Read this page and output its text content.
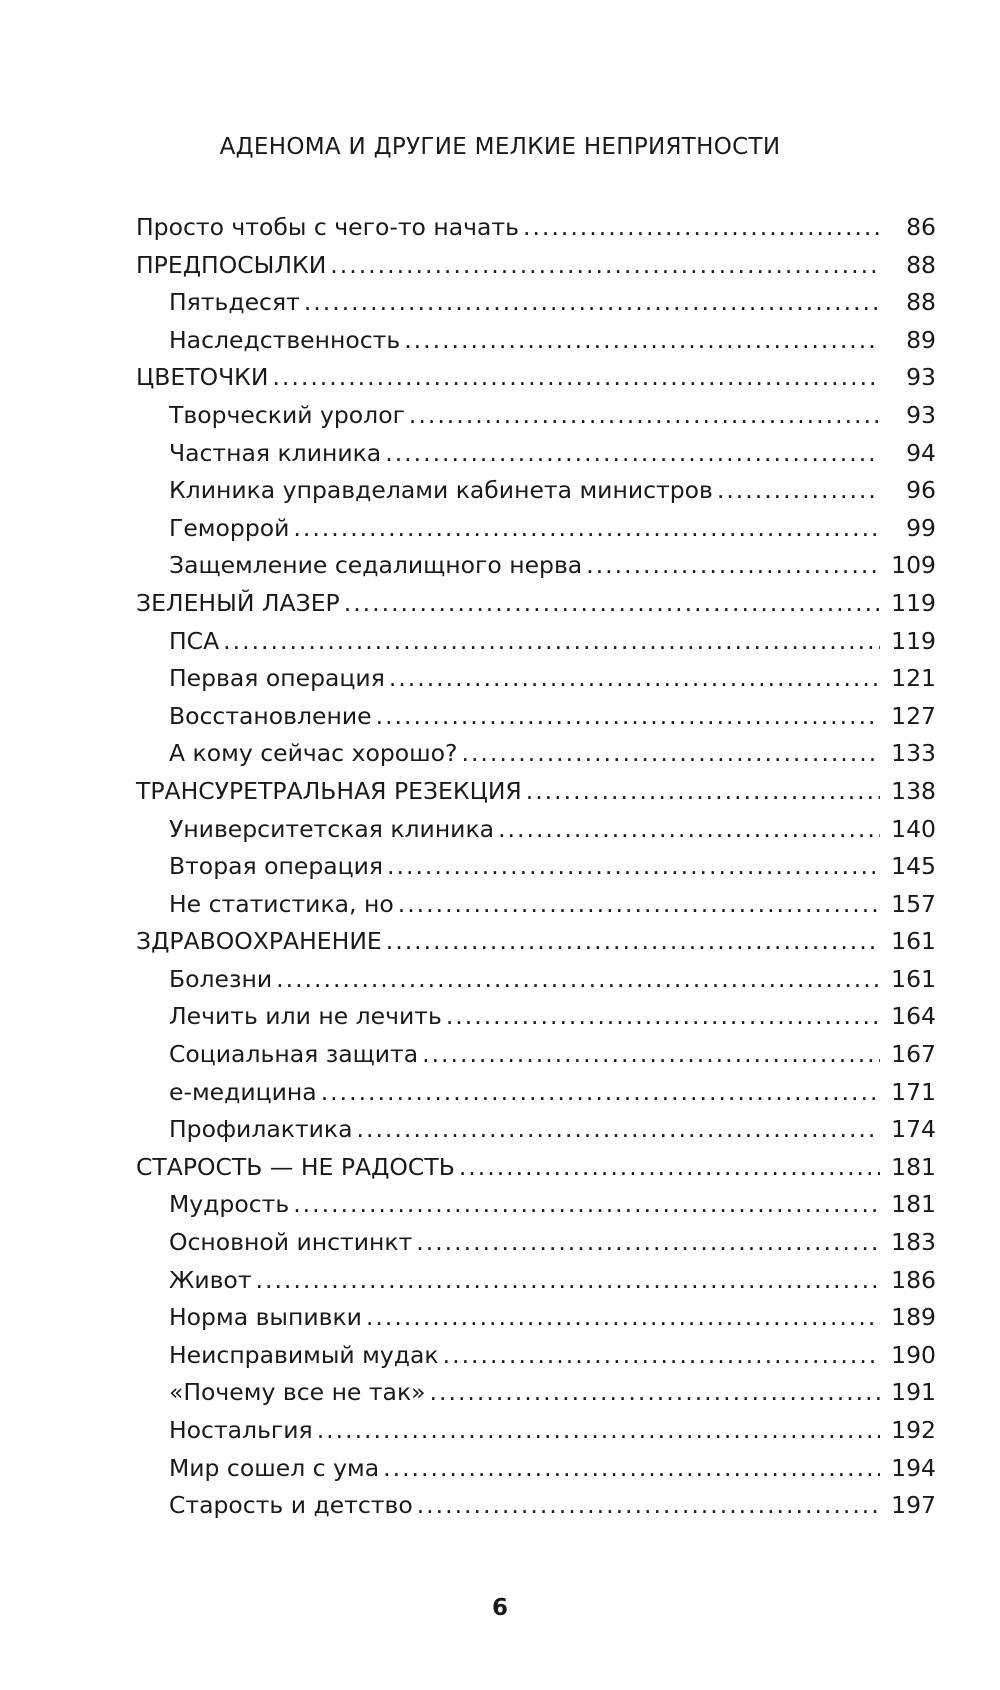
АДЕНОМА И ДРУГИЕ МЕЛКИЕ НЕПРИЯТНОСТИ
Просто чтобы с чего-то начать .....	86
ПРЕДПОСЫЛКИ .....	88
Пятьдесят .....	88
Наследственность .....	89
ЦВЕТОЧКИ .....	93
Творческий уролог .....	93
Частная клиника .....	94
Клиника управделами кабинета министров .....	96
Геморрой .....	99
Защемление седалищного нерва .....	109
ЗЕЛЕНЫЙ ЛАЗЕР .....	119
ПСА .....	119
Первая операция .....	121
Восстановление .....	127
А кому сейчас хорошо? .....	133
ТРАНСУРЕТРАЛЬНАЯ РЕЗЕКЦИЯ .....	138
Университетская клиника .....	140
Вторая операция .....	145
Не статистика, но .....	157
ЗДРАВООХРАНЕНИЕ .....	161
Болезни .....	161
Лечить или не лечить .....	164
Социальная защита .....	167
е-медицина .....	171
Профилактика .....	174
СТАРОСТЬ — НЕ РАДОСТЬ .....	181
Мудрость .....	181
Основной инстинкт .....	183
Живот .....	186
Норма выпивки .....	189
Неисправимый мудак .....	190
«Почему все не так» .....	191
Ностальгия .....	192
Мир сошел с ума .....	194
Старость и детство .....	197
6
